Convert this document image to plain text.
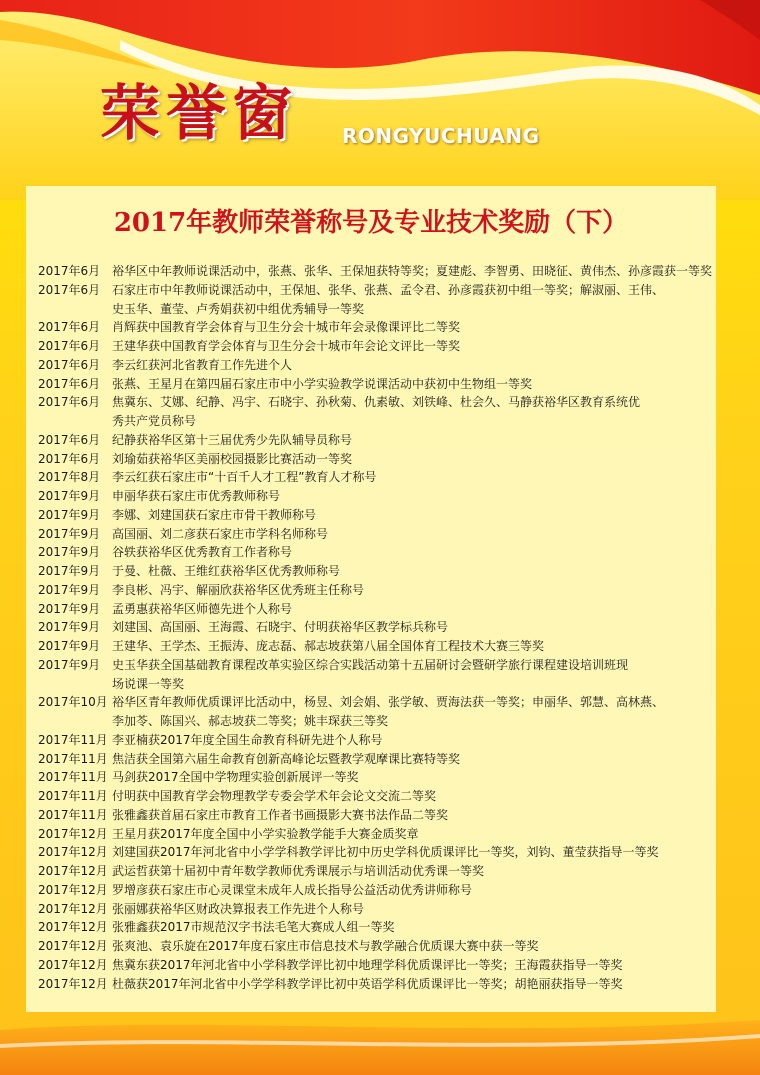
荣誉窗 RONGYUCHUANG
2017年教师荣誉称号及专业技术奖励（下）
2017年6月 裕华区中年教师说课活动中，张燕、张华、王保旭获特等奖；夏建彪、李智勇、田晓征、黄伟杰、孙彦霞获一等奖
2017年6月 石家庄市中年教师说课活动中，王保旭、张华、张燕、孟令君、孙彦霞获初中组一等奖；解淑丽、王伟、
史玉华、董莹、卢秀娟获初中组优秀辅导一等奖
2017年6月 肖辉获中国教育学会体育与卫生分会十城市年会录像课评比二等奖
2017年6月 王建华获中国教育学会体育与卫生分会十城市年会论文评比一等奖
2017年6月 李云红获河北省教育工作先进个人
2017年6月 张燕、王星月在第四届石家庄市中小学实验教学说课活动中获初中生物组一等奖
2017年6月 焦冀东、艾娜、纪静、冯宇、石晓宇、孙秋菊、仇素敏、刘铁峰、杜会久、马静获裕华区教育系统优
秀共产党员称号
2017年6月 纪静获裕华区第十三届优秀少先队辅导员称号
2017年6月 刘瑜茹获裕华区美丽校园摄影比赛活动一等奖
2017年8月 李云红获石家庄市“十百千人才工程”教育人才称号
2017年9月 申丽华获石家庄市优秀教师称号
2017年9月 李娜、刘建国获石家庄市骨干教师称号
2017年9月 高国丽、刘二彦获石家庄市学科名师称号
2017年9月 谷轶获裕华区优秀教育工作者称号
2017年9月 于曼、杜薇、王维红获裕华区优秀教师称号
2017年9月 李良彬、冯宇、解丽欣获裕华区优秀班主任称号
2017年9月 孟勇惠获裕华区师德先进个人称号
2017年9月 刘建国、高国丽、王海霞、石晓宇、付明获裕华区教学标兵称号
2017年9月 王建华、王学杰、王振涛、庞志磊、郝志坡获第八届全国体育工程技术大赛三等奖
2017年9月 史玉华获全国基础教育课程改革实验区综合实践活动第十五届研讨会暨研学旅行课程建设培训班现
场说课一等奖
2017年10月 裕华区青年教师优质课评比活动中，杨昱、刘会娟、张学敏、贾海法获一等奖；申丽华、郭慧、高林燕、
李加苓、陈国兴、郝志坡获二等奖；姚丰琛获三等奖
2017年11月 李亚楠获2017年度全国生命教育科研先进个人称号
2017年11月 焦洁获全国第六届生命教育创新高峰论坛暨教学观摩课比赛特等奖
2017年11月 马剑获2017全国中学物理实验创新展评一等奖
2017年11月 付明获中国教育学会物理教学专委会学术年会论文交流二等奖
2017年11月 张雅鑫获首届石家庄市教育工作者书画摄影大赛书法作品二等奖
2017年12月 王星月获2017年度全国中小学实验教学能手大赛金质奖章
2017年12月 刘建国获2017年河北省中小学学科教学评比初中历史学科优质课评比一等奖，刘钧、董莹获指导一等奖
2017年12月 武运哲获第十届初中青年数学教师优秀课展示与培训活动优秀课一等奖
2017年12月 罗增彦获石家庄市心灵课堂未成年人成长指导公益活动优秀讲师称号
2017年12月 张丽娜获裕华区财政决算报表工作先进个人称号
2017年12月 张雅鑫获2017市规范汉字书法毛笔大赛成人组一等奖
2017年12月 张爽池、袁乐旋在2017年度石家庄市信息技术与教学融合优质课大赛中获一等奖
2017年12月 焦冀东获2017年河北省中小学科教学评比初中地理学科优质课评比一等奖；王海霞获指导一等奖
2017年12月 杜薇获2017年河北省中小学学科教学评比初中英语学科优质课评比一等奖；胡艳丽获指导一等奖
